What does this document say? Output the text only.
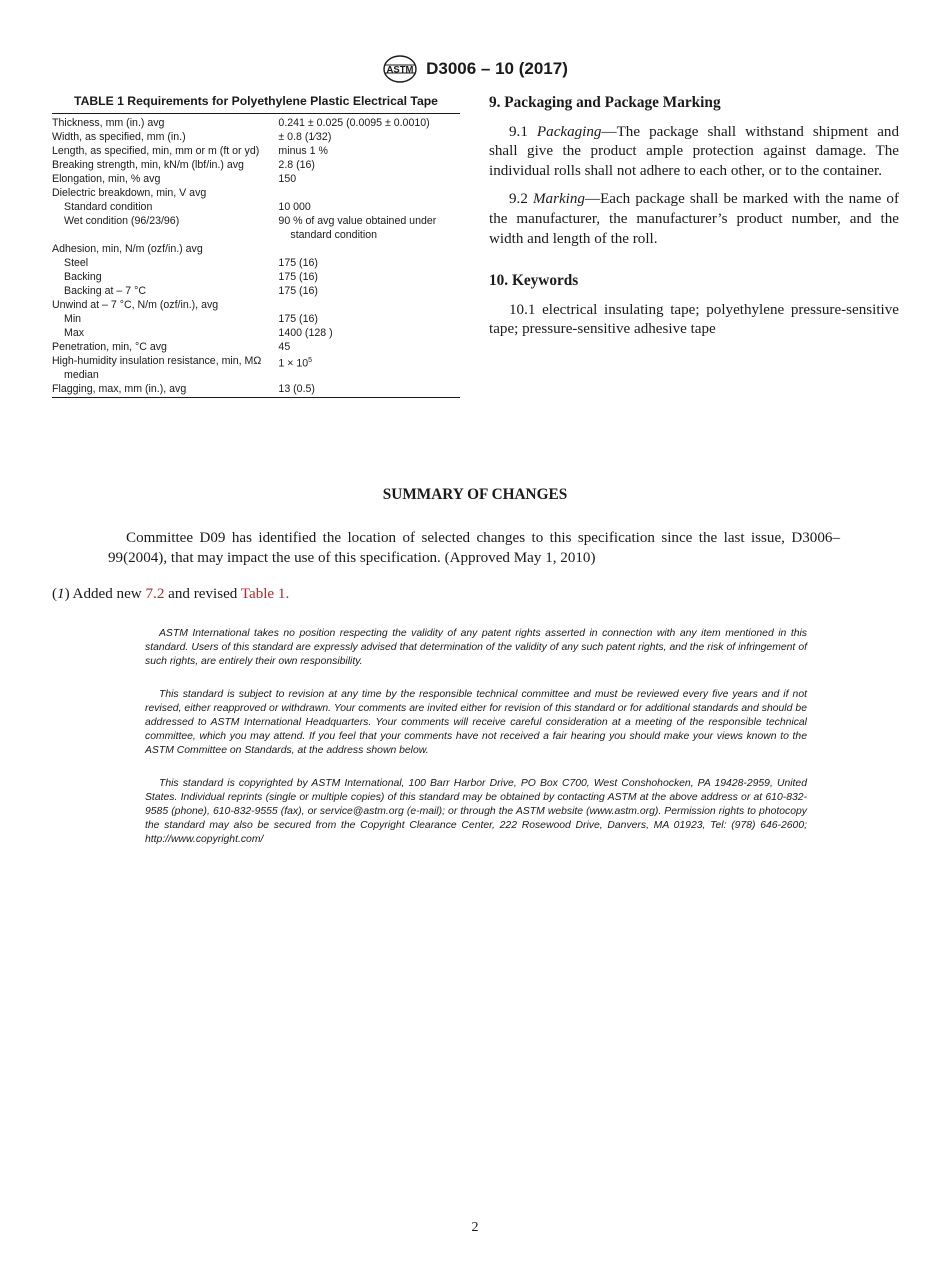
ASTM D3006 – 10 (2017)
TABLE 1 Requirements for Polyethylene Plastic Electrical Tape
Thickness, mm (in.) avg	0.241 ± 0.025 (0.0095 ± 0.0010)
Width, as specified, mm (in.)	± 0.8 (1⁄32)
Length, as specified, min, mm or m (ft or yd)	minus 1 %
Breaking strength, min, kN/m (lbf/in.) avg	2.8 (16)
Elongation, min, % avg	150
Dielectric breakdown, min, V avg	
Standard condition	10 000
Wet condition (96/23/96)	90 % of avg value obtained under standard condition
Adhesion, min, N/m (ozf/in.) avg	
Steel	175 (16)
Backing	175 (16)
Backing at – 7 °C	175 (16)
Unwind at – 7 °C, N/m (ozf/in.), avg	
Min	175 (16)
Max	1400 (128 )
Penetration, min, °C avg	45
High-humidity insulation resistance, min, MΩ median	$1 \times 10^5$
Flagging, max, mm (in.), avg	13 (0.5)
9. Packaging and Package Marking

9.1 Packaging—The package shall withstand shipment and shall give the product ample protection against damage. The individual rolls shall not adhere to each other, or to the container.

9.2 Marking—Each package shall be marked with the name of the manufacturer, the manufacturer’s product number, and the width and length of the roll.

10. Keywords

10.1 electrical insulating tape; polyethylene pressure-sensitive tape; pressure-sensitive adhesive tape

SUMMARY OF CHANGES
Committee D09 has identified the location of selected changes to this specification since the last issue, D3006–99(2004), that may impact the use of this specification. (Approved May 1, 2010)
(1) Added new 7.2 and revised Table 1.

ASTM International takes no position respecting the validity of any patent rights asserted in connection with any item mentioned in this standard. Users of this standard are expressly advised that determination of the validity of any such patent rights, and the risk of infringement of such rights, are entirely their own responsibility.

This standard is subject to revision at any time by the responsible technical committee and must be reviewed every five years and if not revised, either reapproved or withdrawn. Your comments are invited either for revision of this standard or for additional standards and should be addressed to ASTM International Headquarters. Your comments will receive careful consideration at a meeting of the responsible technical committee, which you may attend. If you feel that your comments have not received a fair hearing you should make your views known to the ASTM Committee on Standards, at the address shown below.

This standard is copyrighted by ASTM International, 100 Barr Harbor Drive, PO Box C700, West Conshohocken, PA 19428-2959, United States. Individual reprints (single or multiple copies) of this standard may be obtained by contacting ASTM at the above address or at 610-832-9585 (phone), 610-832-9555 (fax), or service@astm.org (e-mail); or through the ASTM website (www.astm.org). Permission rights to photocopy the standard may also be secured from the Copyright Clearance Center, 222 Rosewood Drive, Danvers, MA 01923, Tel: (978) 646-2600; http://www.copyright.com/

2
